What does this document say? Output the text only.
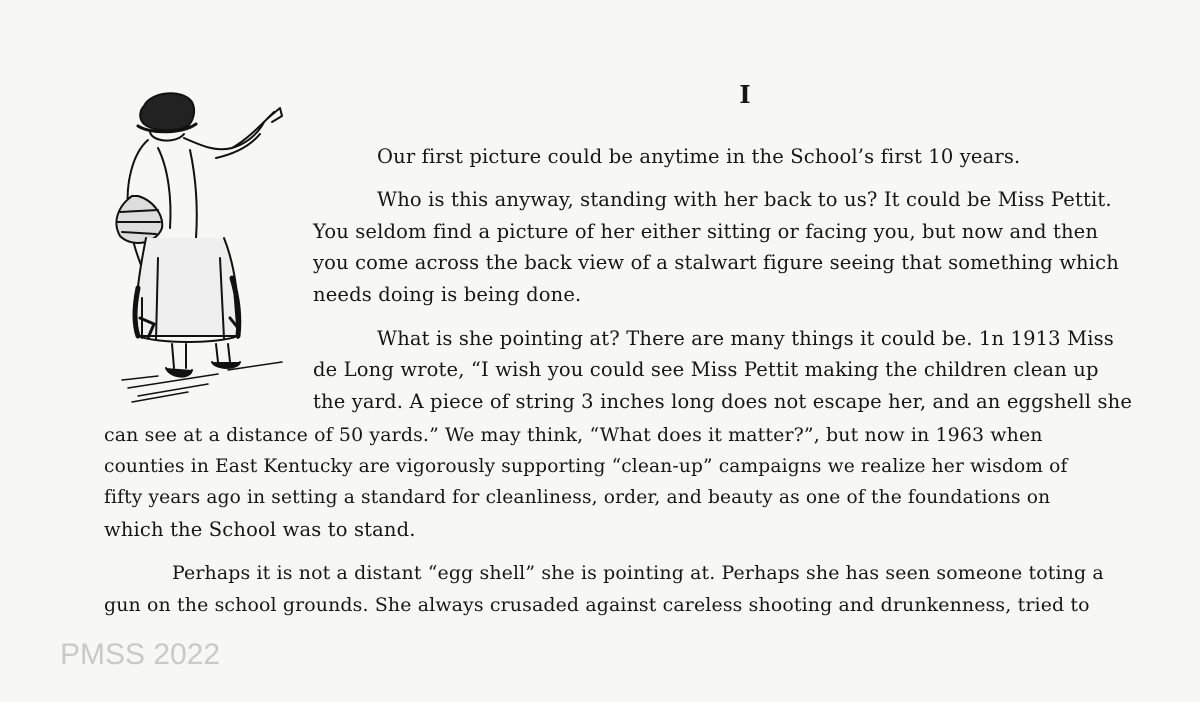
I
Our first picture could be anytime in the School’s first 10 years.
Who is this anyway, standing with her back to us? It could be Miss Pettit.
You seldom find a picture of her either sitting or facing you, but now and then
you come across the back view of a stalwart figure seeing that something which
needs doing is being done.
What is she pointing at? There are many things it could be. 1n 1913 Miss
de Long wrote, “I wish you could see Miss Pettit making the children clean up
the yard. A piece of string 3 inches long does not escape her, and an eggshell she
can see at a distance of 50 yards.” We may think, “What does it matter?”, but now in 1963 when
counties in East Kentucky are vigorously supporting “clean-up” campaigns we realize her wisdom of
fifty years ago in setting a standard for cleanliness, order, and beauty as one of the foundations on
which the School was to stand.
Perhaps it is not a distant “egg shell” she is pointing at. Perhaps she has seen someone toting a
gun on the school grounds. She always crusaded against careless shooting and drunkenness, tried to
PMSS 2022
